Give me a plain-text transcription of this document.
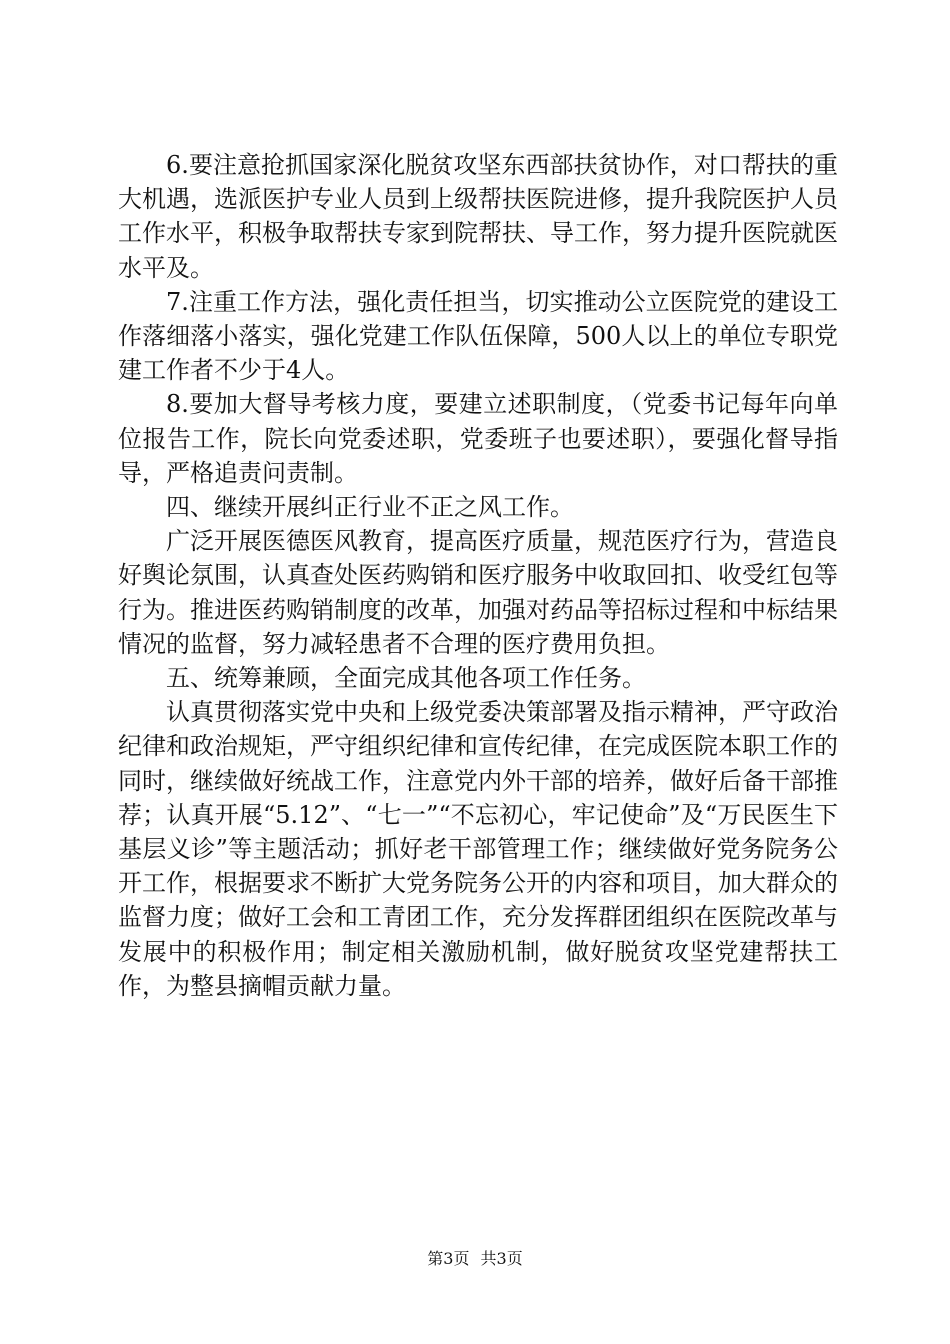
6.要注意抢抓国家深化脱贫攻坚东西部扶贫协作，对口帮扶的重大机遇，选派医护专业人员到上级帮扶医院进修，提升我院医护人员工作水平，积极争取帮扶专家到院帮扶、导工作，努力提升医院就医水平及。

7.注重工作方法，强化责任担当，切实推动公立医院党的建设工作落细落小落实，强化党建工作队伍保障，500人以上的单位专职党建工作者不少于4人。

8.要加大督导考核力度，要建立述职制度，（党委书记每年向单位报告工作，院长向党委述职，党委班子也要述职），要强化督导指导，严格追责问责制。

四、继续开展纠正行业不正之风工作。

广泛开展医德医风教育，提高医疗质量，规范医疗行为，营造良好舆论氛围，认真查处医药购销和医疗服务中收取回扣、收受红包等行为。推进医药购销制度的改革，加强对药品等招标过程和中标结果情况的监督，努力减轻患者不合理的医疗费用负担。

五、统筹兼顾，全面完成其他各项工作任务。

认真贯彻落实党中央和上级党委决策部署及指示精神，严守政治纪律和政治规矩，严守组织纪律和宣传纪律，在完成医院本职工作的同时，继续做好统战工作，注意党内外干部的培养，做好后备干部推荐；认真开展“5.12”、“七一”“不忘初心，牢记使命”及“万民医生下基层义诊”等主题活动；抓好老干部管理工作；继续做好党务院务公开工作，根据要求不断扩大党务院务公开的内容和项目，加大群众的监督力度；做好工会和工青团工作，充分发挥群团组织在医院改革与发展中的积极作用；制定相关激励机制，做好脱贫攻坚党建帮扶工作，为整县摘帽贡献力量。

第3页 共3页
